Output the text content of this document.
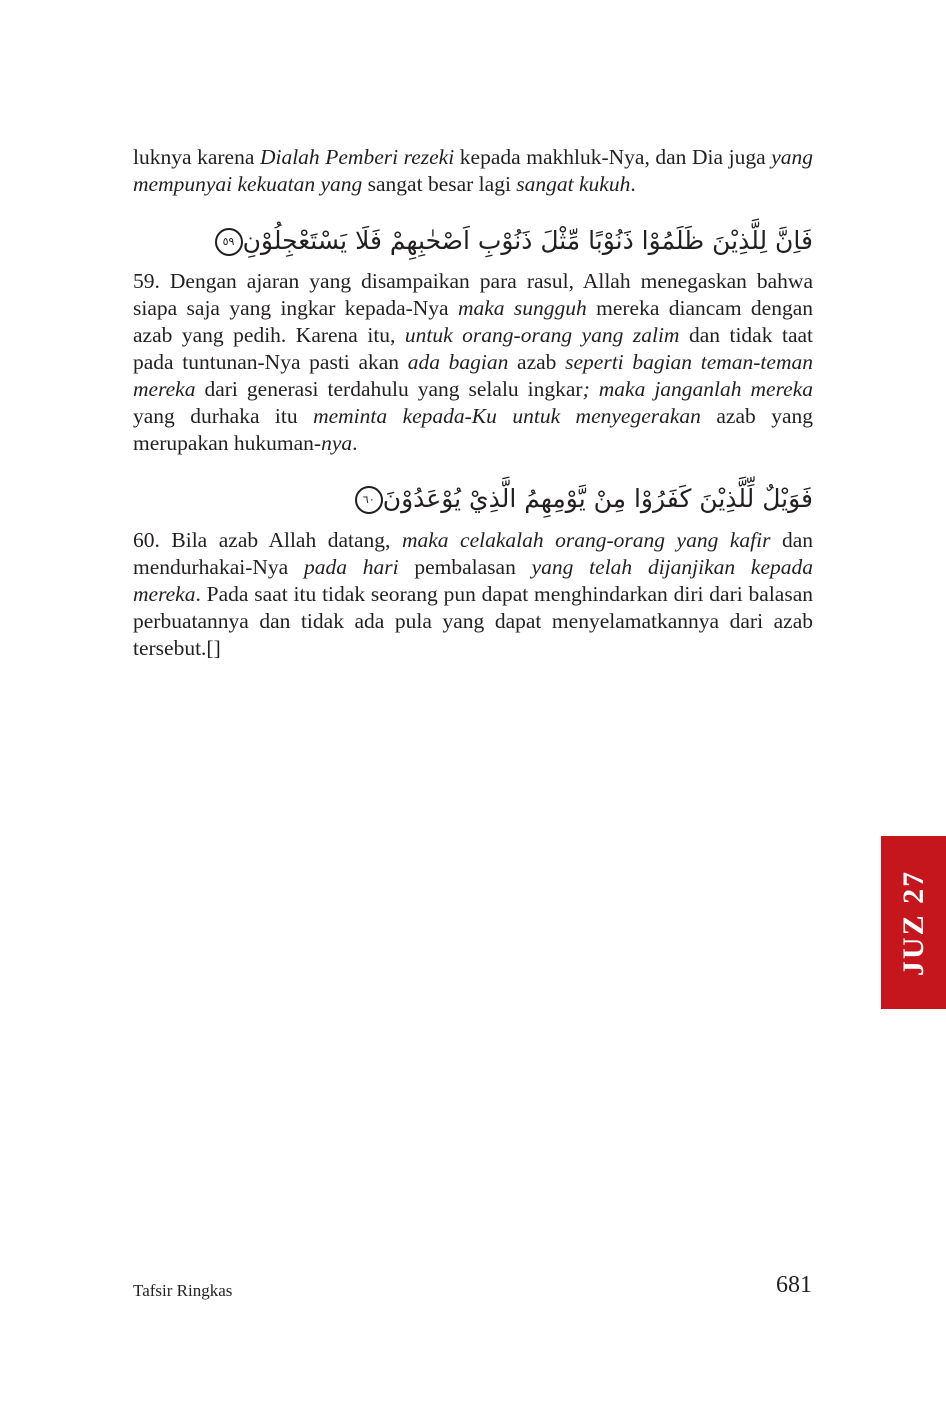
luknya karena Dialah Pemberi rezeki kepada makhluk-Nya, dan Dia juga yang mempunyai kekuatan yang sangat besar lagi sangat kukuh.

فَاِنَّ لِلَّذِيْنَ ظَلَمُوْا ذَنُوْبًا مِّثْلَ ذَنُوْبِ اَصْحٰبِهِمْ فَلَا يَسْتَعْجِلُوْنِ٥٩

59. Dengan ajaran yang disampaikan para rasul, Allah menegaskan bahwa siapa saja yang ingkar kepada-Nya maka sungguh mereka diancam dengan azab yang pedih. Karena itu, untuk orang-orang yang zalim dan tidak taat pada tuntunan-Nya pasti akan ada bagian azab seperti bagian teman-teman mereka dari generasi terdahulu yang selalu ingkar; maka janganlah mereka yang durhaka itu meminta kepada-Ku untuk menyegerakan azab yang merupakan hukuman-nya.

فَوَيْلٌ لِّلَّذِيْنَ كَفَرُوْا مِنْ يَّوْمِهِمُ الَّذِيْ يُوْعَدُوْنَ٦٠

60. Bila azab Allah datang, maka celakalah orang-orang yang kafir dan mendurhakai-Nya pada hari pembalasan yang telah dijanjikan kepada mereka. Pada saat itu tidak seorang pun dapat menghindarkan diri dari balasan perbuatannya dan tidak ada pula yang dapat menyelamatkannya dari azab tersebut.[]

JUZ 27
Tafsir Ringkas	681
